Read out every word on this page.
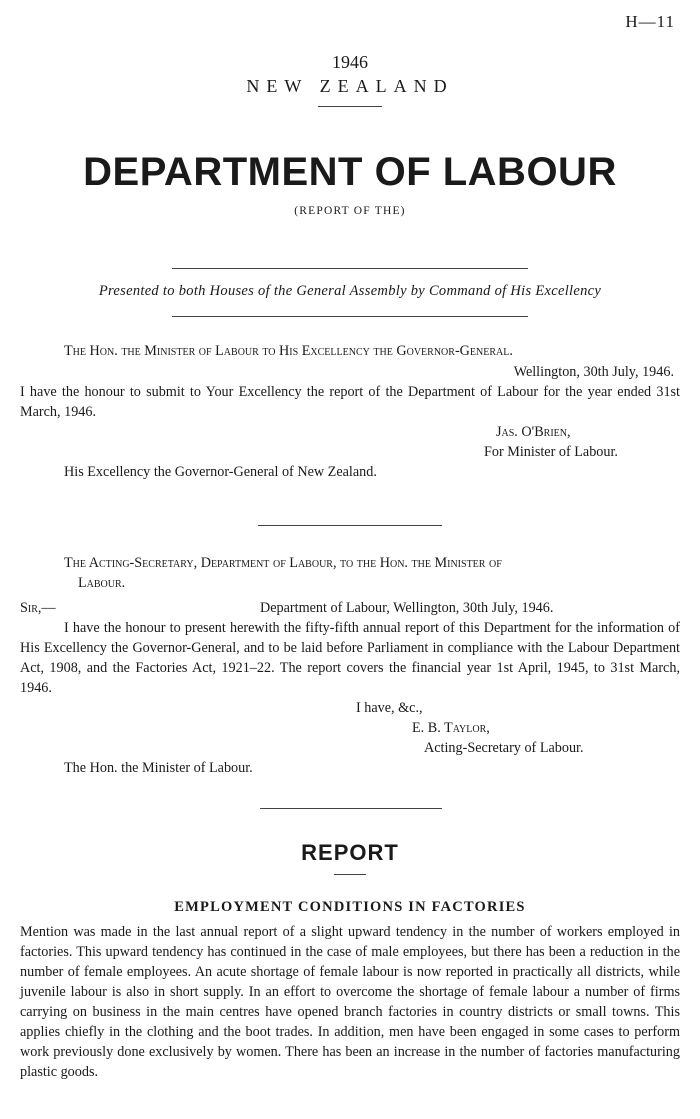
H—11

1946

NEW ZEALAND

DEPARTMENT OF LABOUR

(REPORT OF THE)

Presented to both Houses of the General Assembly by Command of His Excellency

The Hon. the Minister of Labour to His Excellency the Governor-General.

Wellington, 30th July, 1946.

I have the honour to submit to Your Excellency the report of the Department of Labour for the year ended 31st March, 1946.

Jas. O'Brien,

For Minister of Labour.

His Excellency the Governor-General of New Zealand.

The Acting-Secretary, Department of Labour, to the Hon. the Minister of

Labour.

Sir,—	Department of Labour, Wellington, 30th July, 1946.

I have the honour to present herewith the fifty-fifth annual report of this Department for the information of His Excellency the Governor-General, and to be laid before Parliament in compliance with the Labour Department Act, 1908, and the Factories Act, 1921–22. The report covers the financial year 1st April, 1945, to 31st March, 1946.

I have, &c.,

E. B. Taylor,

Acting-Secretary of Labour.

The Hon. the Minister of Labour.

REPORT
EMPLOYMENT CONDITIONS IN FACTORIES

Mention was made in the last annual report of a slight upward tendency in the number of workers employed in factories. This upward tendency has continued in the case of male employees, but there has been a reduction in the number of female employees. An acute shortage of female labour is now reported in practically all districts, while juvenile labour is also in short supply. In an effort to overcome the shortage of female labour a number of firms carrying on business in the main centres have opened branch factories in country districts or small towns. This applies chiefly in the clothing and the boot trades. In addition, men have been engaged in some cases to perform work previously done exclusively by women. There has been an increase in the number of factories manufacturing plastic goods.
